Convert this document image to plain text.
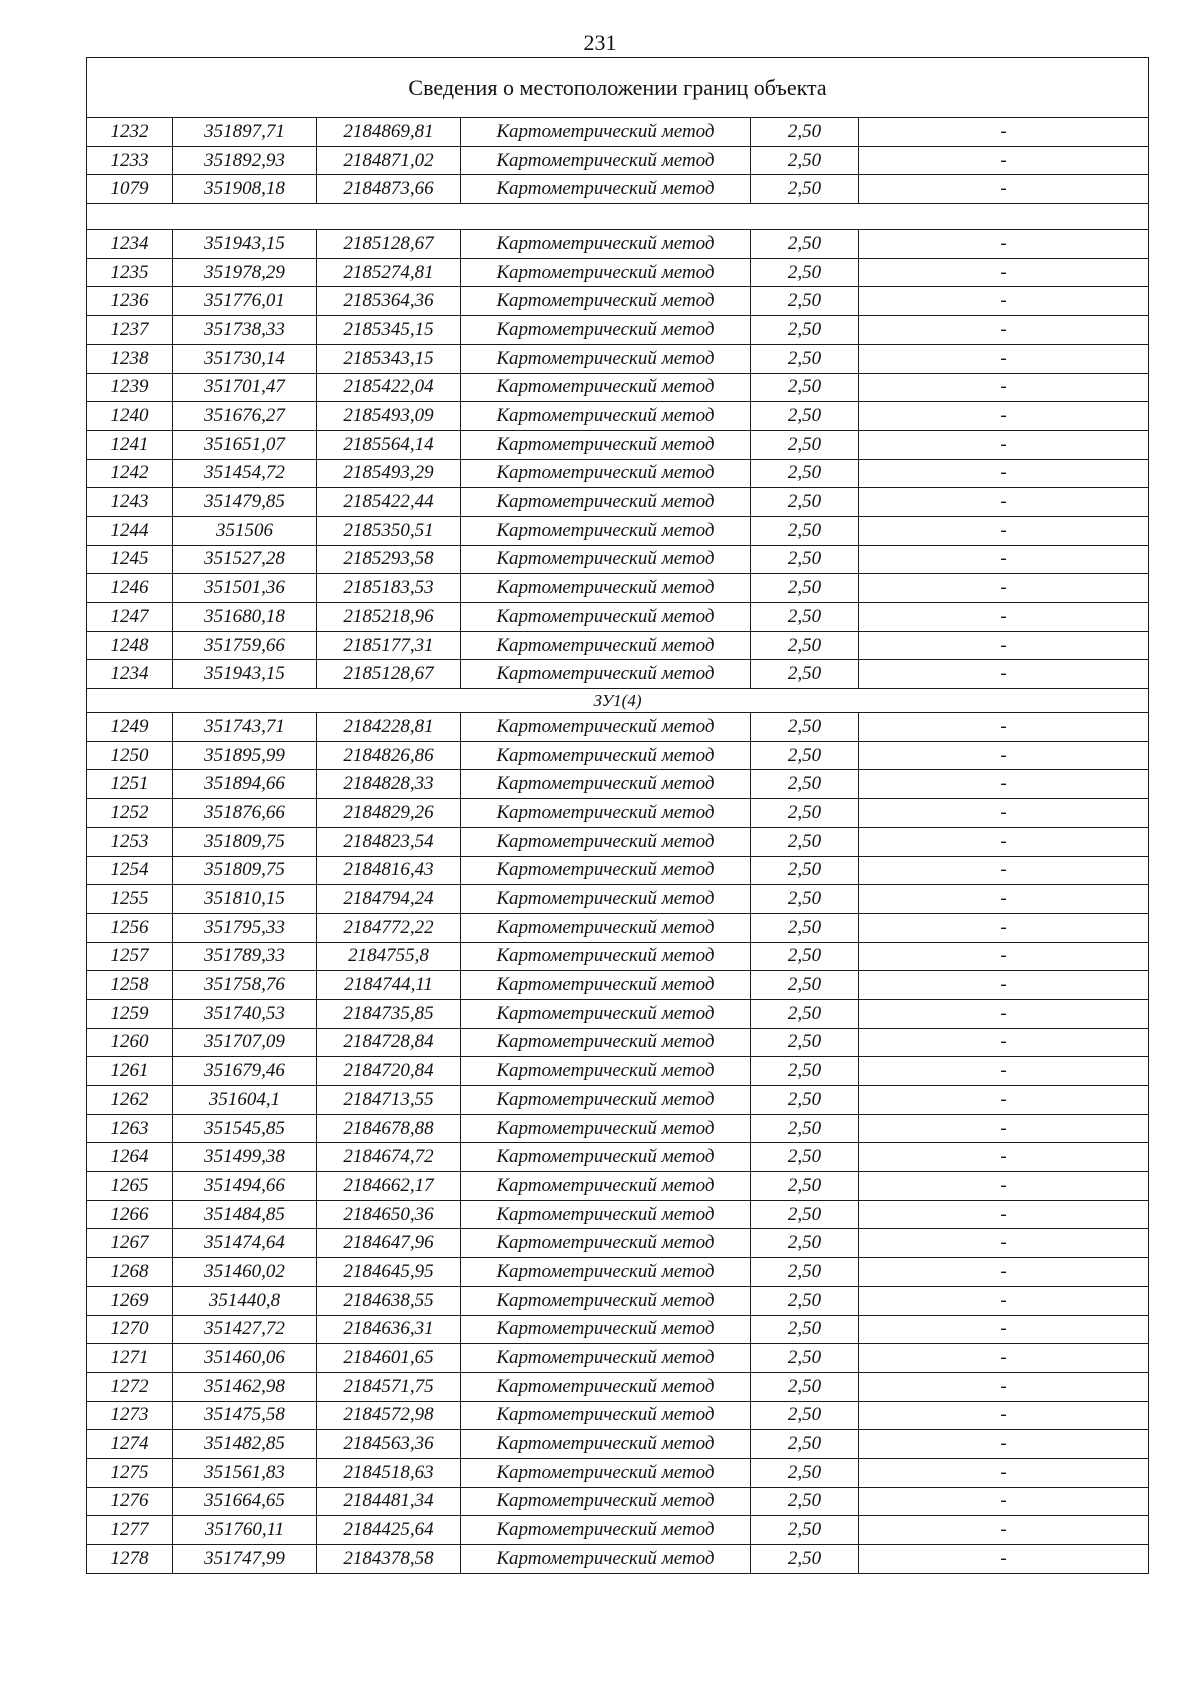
231
Сведения о местоположении границ объекта					
1232	351897,71	2184869,81	Картометрический метод	2,50	-
1233	351892,93	2184871,02	Картометрический метод	2,50	-
1079	351908,18	2184873,66	Картометрический метод	2,50	-

1234	351943,15	2185128,67	Картометрический метод	2,50	-
1235	351978,29	2185274,81	Картометрический метод	2,50	-
1236	351776,01	2185364,36	Картометрический метод	2,50	-
1237	351738,33	2185345,15	Картометрический метод	2,50	-
1238	351730,14	2185343,15	Картометрический метод	2,50	-
1239	351701,47	2185422,04	Картометрический метод	2,50	-
1240	351676,27	2185493,09	Картометрический метод	2,50	-
1241	351651,07	2185564,14	Картометрический метод	2,50	-
1242	351454,72	2185493,29	Картометрический метод	2,50	-
1243	351479,85	2185422,44	Картометрический метод	2,50	-
1244	351506	2185350,51	Картометрический метод	2,50	-
1245	351527,28	2185293,58	Картометрический метод	2,50	-
1246	351501,36	2185183,53	Картометрический метод	2,50	-
1247	351680,18	2185218,96	Картометрический метод	2,50	-
1248	351759,66	2185177,31	Картометрический метод	2,50	-
1234	351943,15	2185128,67	Картометрический метод	2,50	-
ЗУ1(4)					
1249	351743,71	2184228,81	Картометрический метод	2,50	-
1250	351895,99	2184826,86	Картометрический метод	2,50	-
1251	351894,66	2184828,33	Картометрический метод	2,50	-
1252	351876,66	2184829,26	Картометрический метод	2,50	-
1253	351809,75	2184823,54	Картометрический метод	2,50	-
1254	351809,75	2184816,43	Картометрический метод	2,50	-
1255	351810,15	2184794,24	Картометрический метод	2,50	-
1256	351795,33	2184772,22	Картометрический метод	2,50	-
1257	351789,33	2184755,8	Картометрический метод	2,50	-
1258	351758,76	2184744,11	Картометрический метод	2,50	-
1259	351740,53	2184735,85	Картометрический метод	2,50	-
1260	351707,09	2184728,84	Картометрический метод	2,50	-
1261	351679,46	2184720,84	Картометрический метод	2,50	-
1262	351604,1	2184713,55	Картометрический метод	2,50	-
1263	351545,85	2184678,88	Картометрический метод	2,50	-
1264	351499,38	2184674,72	Картометрический метод	2,50	-
1265	351494,66	2184662,17	Картометрический метод	2,50	-
1266	351484,85	2184650,36	Картометрический метод	2,50	-
1267	351474,64	2184647,96	Картометрический метод	2,50	-
1268	351460,02	2184645,95	Картометрический метод	2,50	-
1269	351440,8	2184638,55	Картометрический метод	2,50	-
1270	351427,72	2184636,31	Картометрический метод	2,50	-
1271	351460,06	2184601,65	Картометрический метод	2,50	-
1272	351462,98	2184571,75	Картометрический метод	2,50	-
1273	351475,58	2184572,98	Картометрический метод	2,50	-
1274	351482,85	2184563,36	Картометрический метод	2,50	-
1275	351561,83	2184518,63	Картометрический метод	2,50	-
1276	351664,65	2184481,34	Картометрический метод	2,50	-
1277	351760,11	2184425,64	Картометрический метод	2,50	-
1278	351747,99	2184378,58	Картометрический метод	2,50	-
